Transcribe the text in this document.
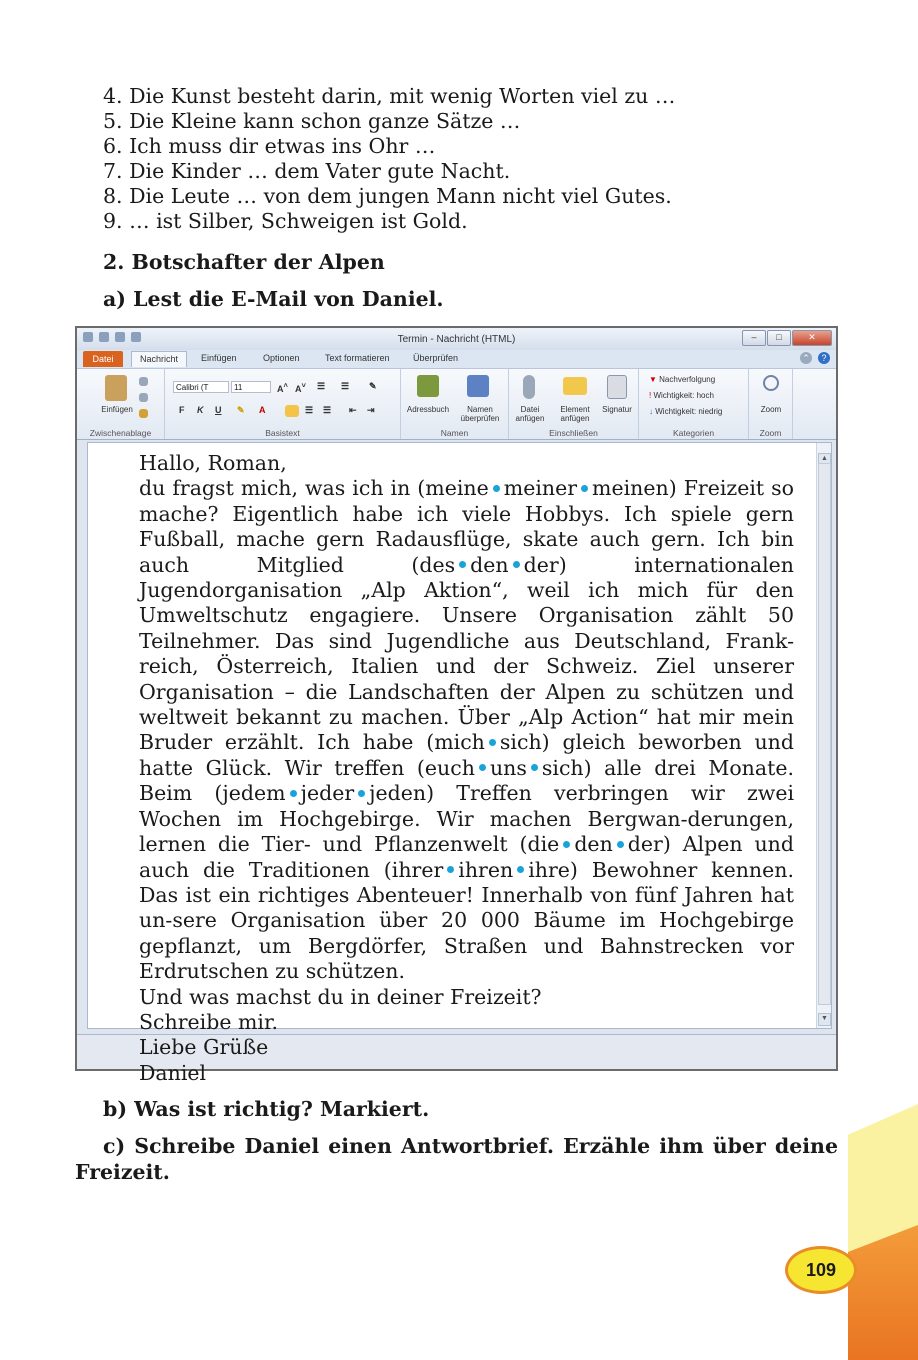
4. Die Kunst besteht darin, mit wenig Worten viel zu …
5. Die Kleine kann schon ganze Sätze …
6. Ich muss dir etwas ins Ohr …
7. Die Kinder … dem Vater gute Nacht.
8. Die Leute … von dem jungen Mann nicht viel Gutes.
9. … ist Silber, Schweigen ist Gold.
2. Botschafter der Alpen
a) Lest die E-Mail von Daniel.
Termin - Nachricht (HTML)	–	□	✕
Datei	Nachricht	Einfügen	Optionen	Text formatieren	Überprüfen	⌃	?
Einfügen
Zwischenablage
Calibri (T	11	A˄ A˅ ☰ ☰ ✎
F K U ✎ A	☰ ☰ ⇤ ⇥
Basistext
Adressbuch	Namen
überprüfen
Namen
Datei
anfügen
Element
anfügen
Signatur
Einschließen
▼ Nachverfolgung
! Wichtigkeit: hoch
↓ Wichtigkeit: niedrig
Kategorien
Zoom
Zoom
▲
▼

Hallo, Roman,

du fragst mich, was ich in (meine meiner meinen) Freizeit so mache? Eigentlich habe ich viele Hobbys. Ich spiele gern Fußball, mache gern Radausflüge, skate auch gern. Ich bin auch Mitglied (des den der) internationalen Jugendorganisation „Alp Aktion“, weil ich mich für den Umweltschutz engagiere. Unsere Organisation zählt 50 Teilnehmer. Das sind Jugendliche aus Deutschland, Frank-reich, Österreich, Italien und der Schweiz. Ziel unserer Organisation – die Landschaften der Alpen zu schützen und weltweit bekannt zu machen. Über „Alp Action“ hat mir mein Bruder erzählt. Ich habe (mich sich) gleich beworben und hatte Glück. Wir treffen (euch uns sich) alle drei Monate. Beim (jedem jeder jeden) Treffen verbringen wir zwei Wochen im Hochgebirge. Wir machen Bergwan-derungen, lernen die Tier- und Pflanzenwelt (die den der) Alpen und auch die Traditionen (ihrer ihren ihre) Bewohner kennen. Das ist ein richtiges Abenteuer! Innerhalb von fünf Jahren hat un-sere Organisation über 20 000 Bäume im Hochgebirge gepflanzt, um Bergdörfer, Straßen und Bahnstrecken vor Erdrutschen zu schützen.

Und was machst du in deiner Freizeit?

Schreibe mir.

Liebe Grüße

Daniel

b) Was ist richtig? Markiert.
c) Schreibe Daniel einen Antwortbrief. Erzähle ihm über deine Freizeit.
109
